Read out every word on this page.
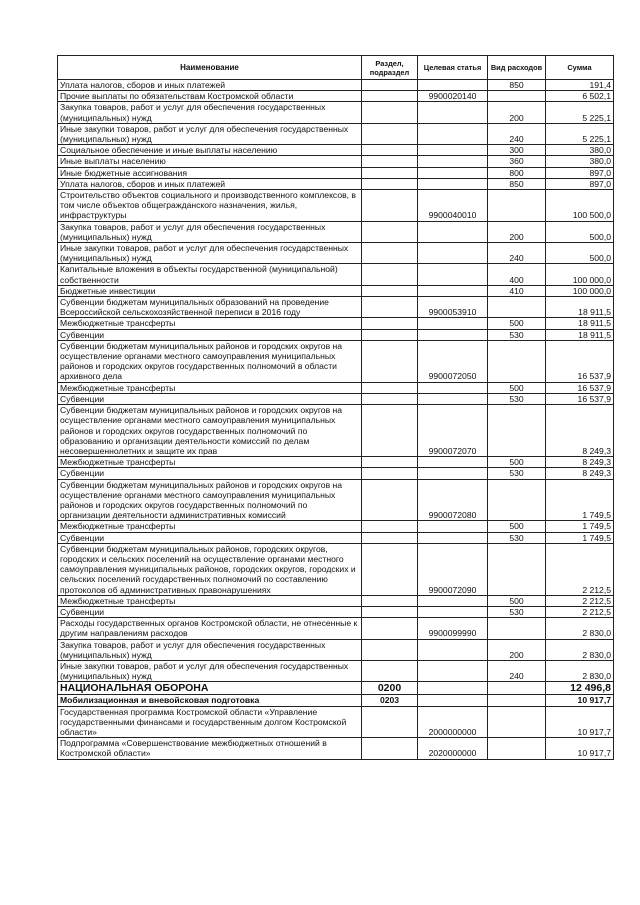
Наименование	Раздел, подраздел	Целевая статья	Вид расходов	Сумма
Уплата налогов, сборов и иных платежей			850	191,4
Прочие выплаты по обязательствам Костромской области		9900020140		6 502,1
Закупка товаров, работ и услуг для обеспечения государственных (муниципальных) нужд			200	5 225,1
Иные закупки товаров, работ и услуг для обеспечения государственных (муниципальных) нужд			240	5 225,1
Социальное обеспечение и иные выплаты населению			300	380,0
Иные выплаты населению			360	380,0
Иные бюджетные ассигнования			800	897,0
Уплата налогов, сборов и иных платежей			850	897,0
Строительство объектов социального и производственного комплексов, в том числе объектов общегражданского назначения, жилья, инфраструктуры		9900040010		100 500,0
Закупка товаров, работ и услуг для обеспечения государственных (муниципальных) нужд			200	500,0
Иные закупки товаров, работ и услуг для обеспечения государственных (муниципальных) нужд			240	500,0
Капитальные вложения в объекты государственной (муниципальной) собственности			400	100 000,0
Бюджетные инвестиции			410	100 000,0
Субвенции бюджетам муниципальных образований на проведение Всероссийской сельскохозяйственной переписи в 2016 году		9900053910		18 911,5
Межбюджетные трансферты			500	18 911,5
Субвенции			530	18 911,5
Субвенции бюджетам муниципальных районов и городских округов на осуществление органами местного самоуправления муниципальных районов и городских округов государственных полномочий в области архивного дела		9900072050		16 537,9
Межбюджетные трансферты			500	16 537,9
Субвенции			530	16 537,9
Субвенции бюджетам муниципальных районов и городских округов на осуществление органами местного самоуправления муниципальных районов и городских округов государственных полномочий по образованию и организации деятельности комиссий по делам несовершеннолетних и защите их прав		9900072070		8 249,3
Межбюджетные трансферты			500	8 249,3
Субвенции			530	8 249,3
Субвенции бюджетам муниципальных районов и городских округов на осуществление органами местного самоуправления муниципальных районов и городских округов государственных полномочий по организации деятельности административных комиссий		9900072080		1 749,5
Межбюджетные трансферты			500	1 749,5
Субвенции			530	1 749,5
Субвенции бюджетам муниципальных районов, городских округов, городских и сельских поселений на осуществление органами местного самоуправления муниципальных районов, городских округов, городских и сельских поселений государственных полномочий по составлению протоколов об административных правонарушениях		9900072090		2 212,5
Межбюджетные трансферты			500	2 212,5
Субвенции			530	2 212,5
Расходы государственных органов Костромской области, не отнесенные к другим направлениям расходов		9900099990		2 830,0
Закупка товаров, работ и услуг для обеспечения государственных (муниципальных) нужд			200	2 830,0
Иные закупки товаров, работ и услуг для обеспечения государственных (муниципальных) нужд			240	2 830,0
НАЦИОНАЛЬНАЯ ОБОРОНА	0200			12 496,8
Мобилизационная и вневойсковая подготовка	0203			10 917,7
Государственная программа Костромской области «Управление государственными финансами и государственным долгом Костромской области»		2000000000		10 917,7
Подпрограмма «Совершенствование межбюджетных отношений в Костромской области»		2020000000		10 917,7
